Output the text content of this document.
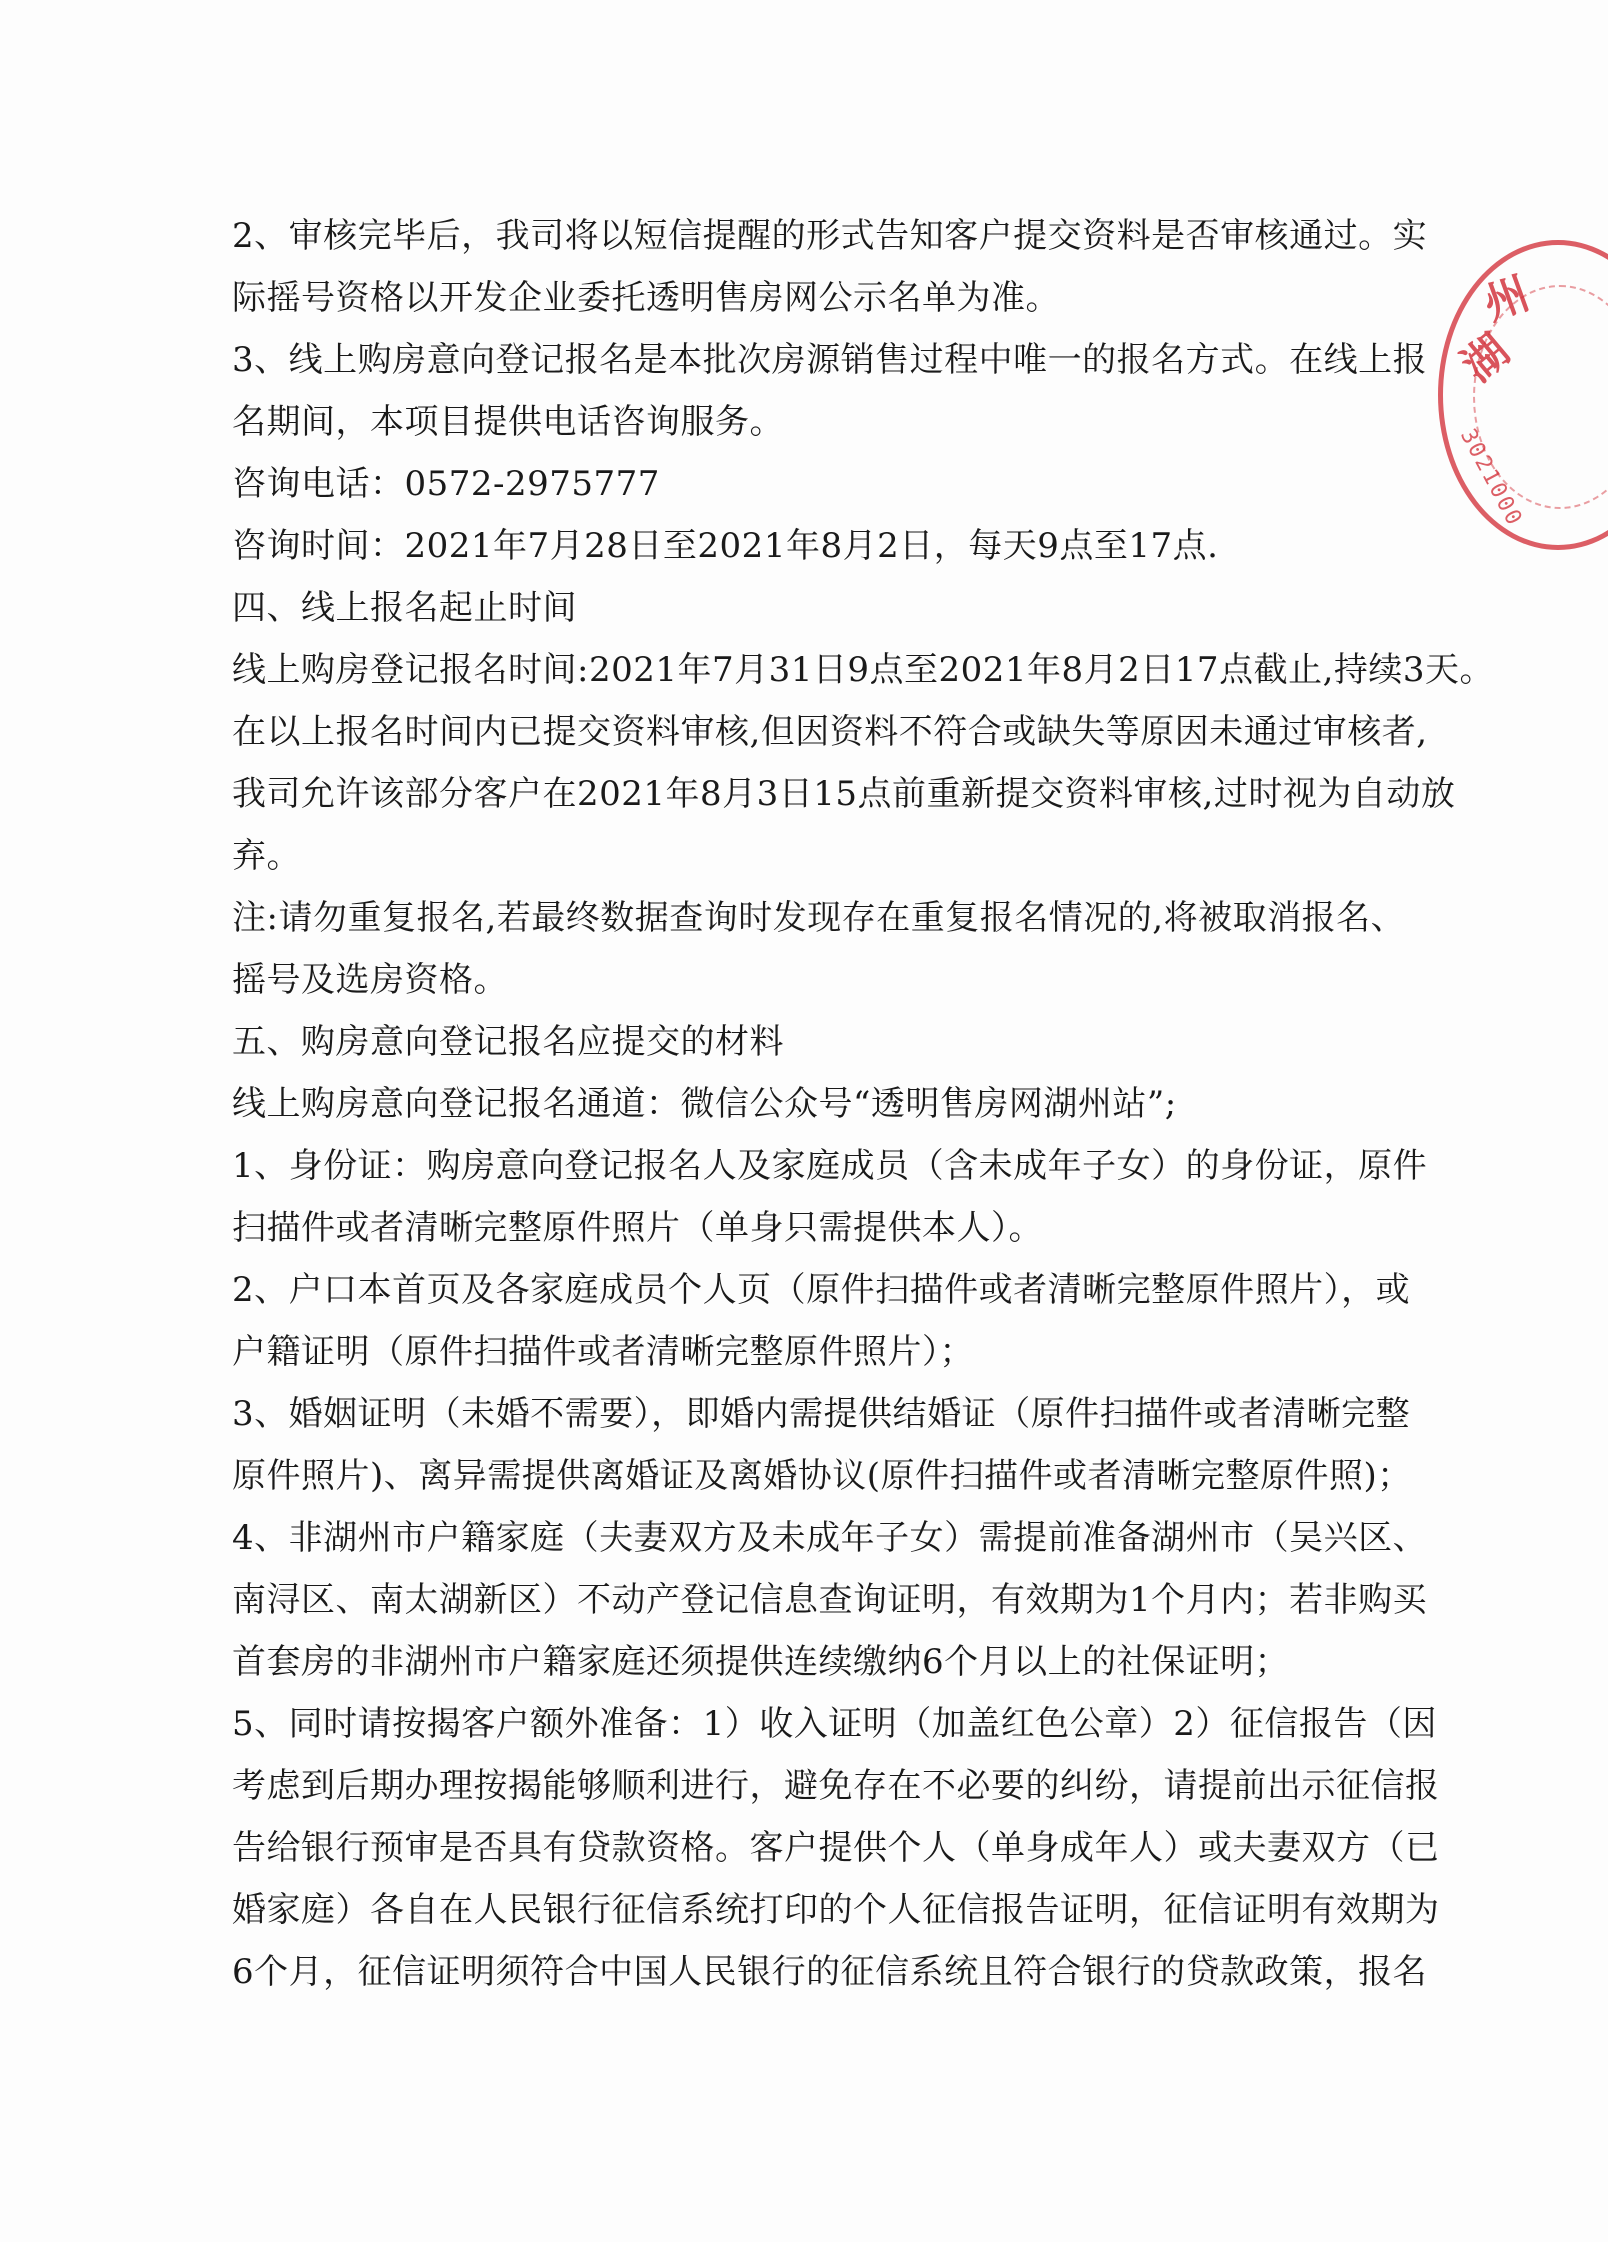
2、审核完毕后，我司将以短信提醒的形式告知客户提交资料是否审核通过。实
际摇号资格以开发企业委托透明售房网公示名单为准。
3、线上购房意向登记报名是本批次房源销售过程中唯一的报名方式。在线上报
名期间，本项目提供电话咨询服务。
咨询电话：0572-2975777
咨询时间：2021年7月28日至2021年8月2日，每天9点至17点.
四、线上报名起止时间
线上购房登记报名时间:2021年7月31日9点至2021年8月2日17点截止,持续3天。
在以上报名时间内已提交资料审核,但因资料不符合或缺失等原因未通过审核者,
我司允许该部分客户在2021年8月3日15点前重新提交资料审核,过时视为自动放
弃。
注:请勿重复报名,若最终数据查询时发现存在重复报名情况的,将被取消报名、
摇号及选房资格。
五、购房意向登记报名应提交的材料
线上购房意向登记报名通道：微信公众号“透明售房网湖州站”;
1、身份证：购房意向登记报名人及家庭成员（含未成年子女）的身份证，原件
扫描件或者清晰完整原件照片（单身只需提供本人）。
2、户口本首页及各家庭成员个人页（原件扫描件或者清晰完整原件照片），或
户籍证明（原件扫描件或者清晰完整原件照片）；
3、婚姻证明（未婚不需要），即婚内需提供结婚证（原件扫描件或者清晰完整
原件照片)、离异需提供离婚证及离婚协议(原件扫描件或者清晰完整原件照)；
4、非湖州市户籍家庭（夫妻双方及未成年子女）需提前准备湖州市（吴兴区、
南浔区、南太湖新区）不动产登记信息查询证明，有效期为1个月内；若非购买
首套房的非湖州市户籍家庭还须提供连续缴纳6个月以上的社保证明；
5、同时请按揭客户额外准备：1）收入证明（加盖红色公章）2）征信报告（因
考虑到后期办理按揭能够顺利进行，避免存在不必要的纠纷，请提前出示征信报
告给银行预审是否具有贷款资格。客户提供个人（单身成年人）或夫妻双方（已
婚家庭）各自在人民银行征信系统打印的个人征信报告证明，征信证明有效期为
6个月，征信证明须符合中国人民银行的征信系统且符合银行的贷款政策，报名
州
湖
3021000
